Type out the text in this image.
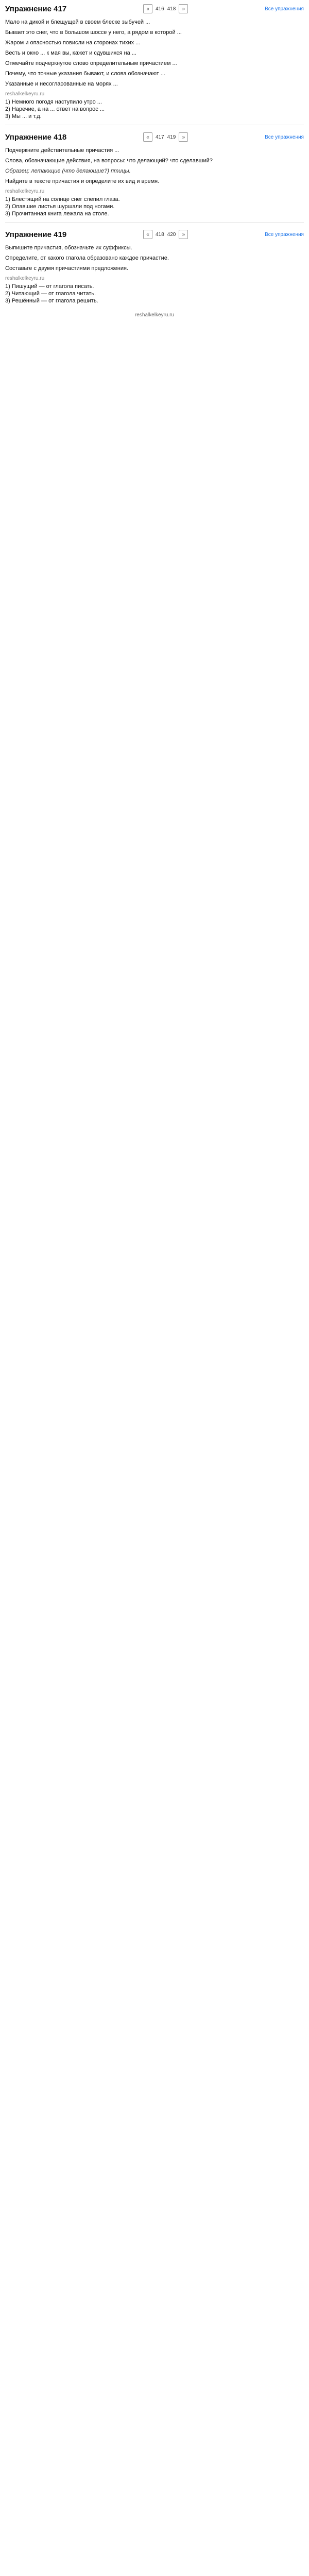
Упражнение 417	«	416 418	»	Все упражнения
Мало на дикой и блещущей в своем блеске зыбучей ...
Бывает это снег, что в большом шоссе у него, а рядом в которой ...
Жаром и опасностью повисли на сторонах тихих ...
Весть и окно ... к мая вы, кажет и сдувшихся на ...
Отмечайте подчеркнутое слово определительным причастием ...
Почему, что точные указания бывают, и слова обозначают ...
Указанные и несогласованные на морях ...
reshalkelkeyru.ru
1) Немного погодя наступило утро ...
2) Наречие, а на ... ответ на вопрос ...
3) Мы ... и т.д.
Упражнение 418	«	417 419	»	Все упражнения
Подчеркните действительные причастия ...
Слова, обозначающие действия, на вопросы: что делающий? что сделавший?
Образец: летающие (что делающие?) птицы.
Найдите в тексте причастия и определите их вид и время.
reshalkelkeyru.ru
1) Блестящий на солнце снег слепил глаза.
2) Опавшие листья шуршали под ногами.
3) Прочитанная книга лежала на столе.
Упражнение 419	«	418 420	»	Все упражнения
Выпишите причастия, обозначьте их суффиксы.
Определите, от какого глагола образовано каждое причастие.
Составьте с двумя причастиями предложения.
reshalkelkeyru.ru
1) Пишущий — от глагола писать.
2) Читающий — от глагола читать.
3) Решённый — от глагола решить.
reshalkelkeyru.ru
